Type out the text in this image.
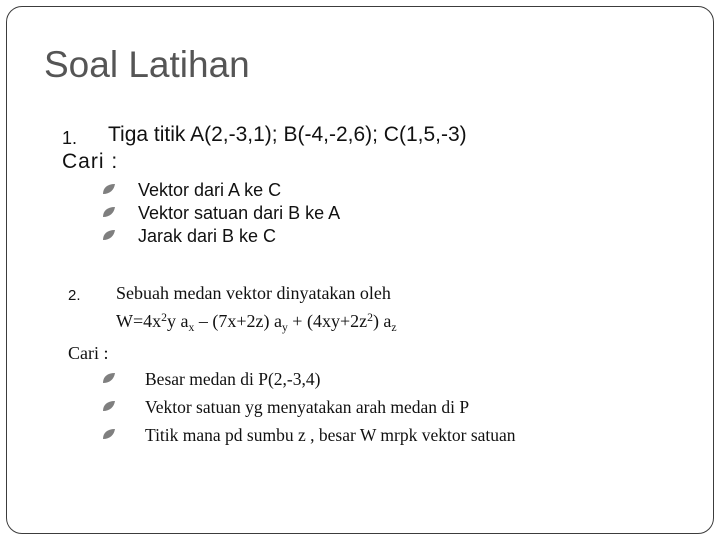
Soal Latihan
1. Tiga titik A(2,-3,1); B(-4,-2,6); C(1,5,-3)
Cari :
Vektor dari A ke C
Vektor satuan dari B ke A
Jarak dari B ke C
2. Sebuah medan vektor dinyatakan oleh
$W=4x^2y$ $a_x - (7x+2z) a_y + (4xy+2z^2)$ $a_z$
Cari :
Besar medan di P(2,-3,4)
Vektor satuan yg menyatakan arah medan di P
Titik mana pd sumbu z , besar W mrpk vektor satuan
